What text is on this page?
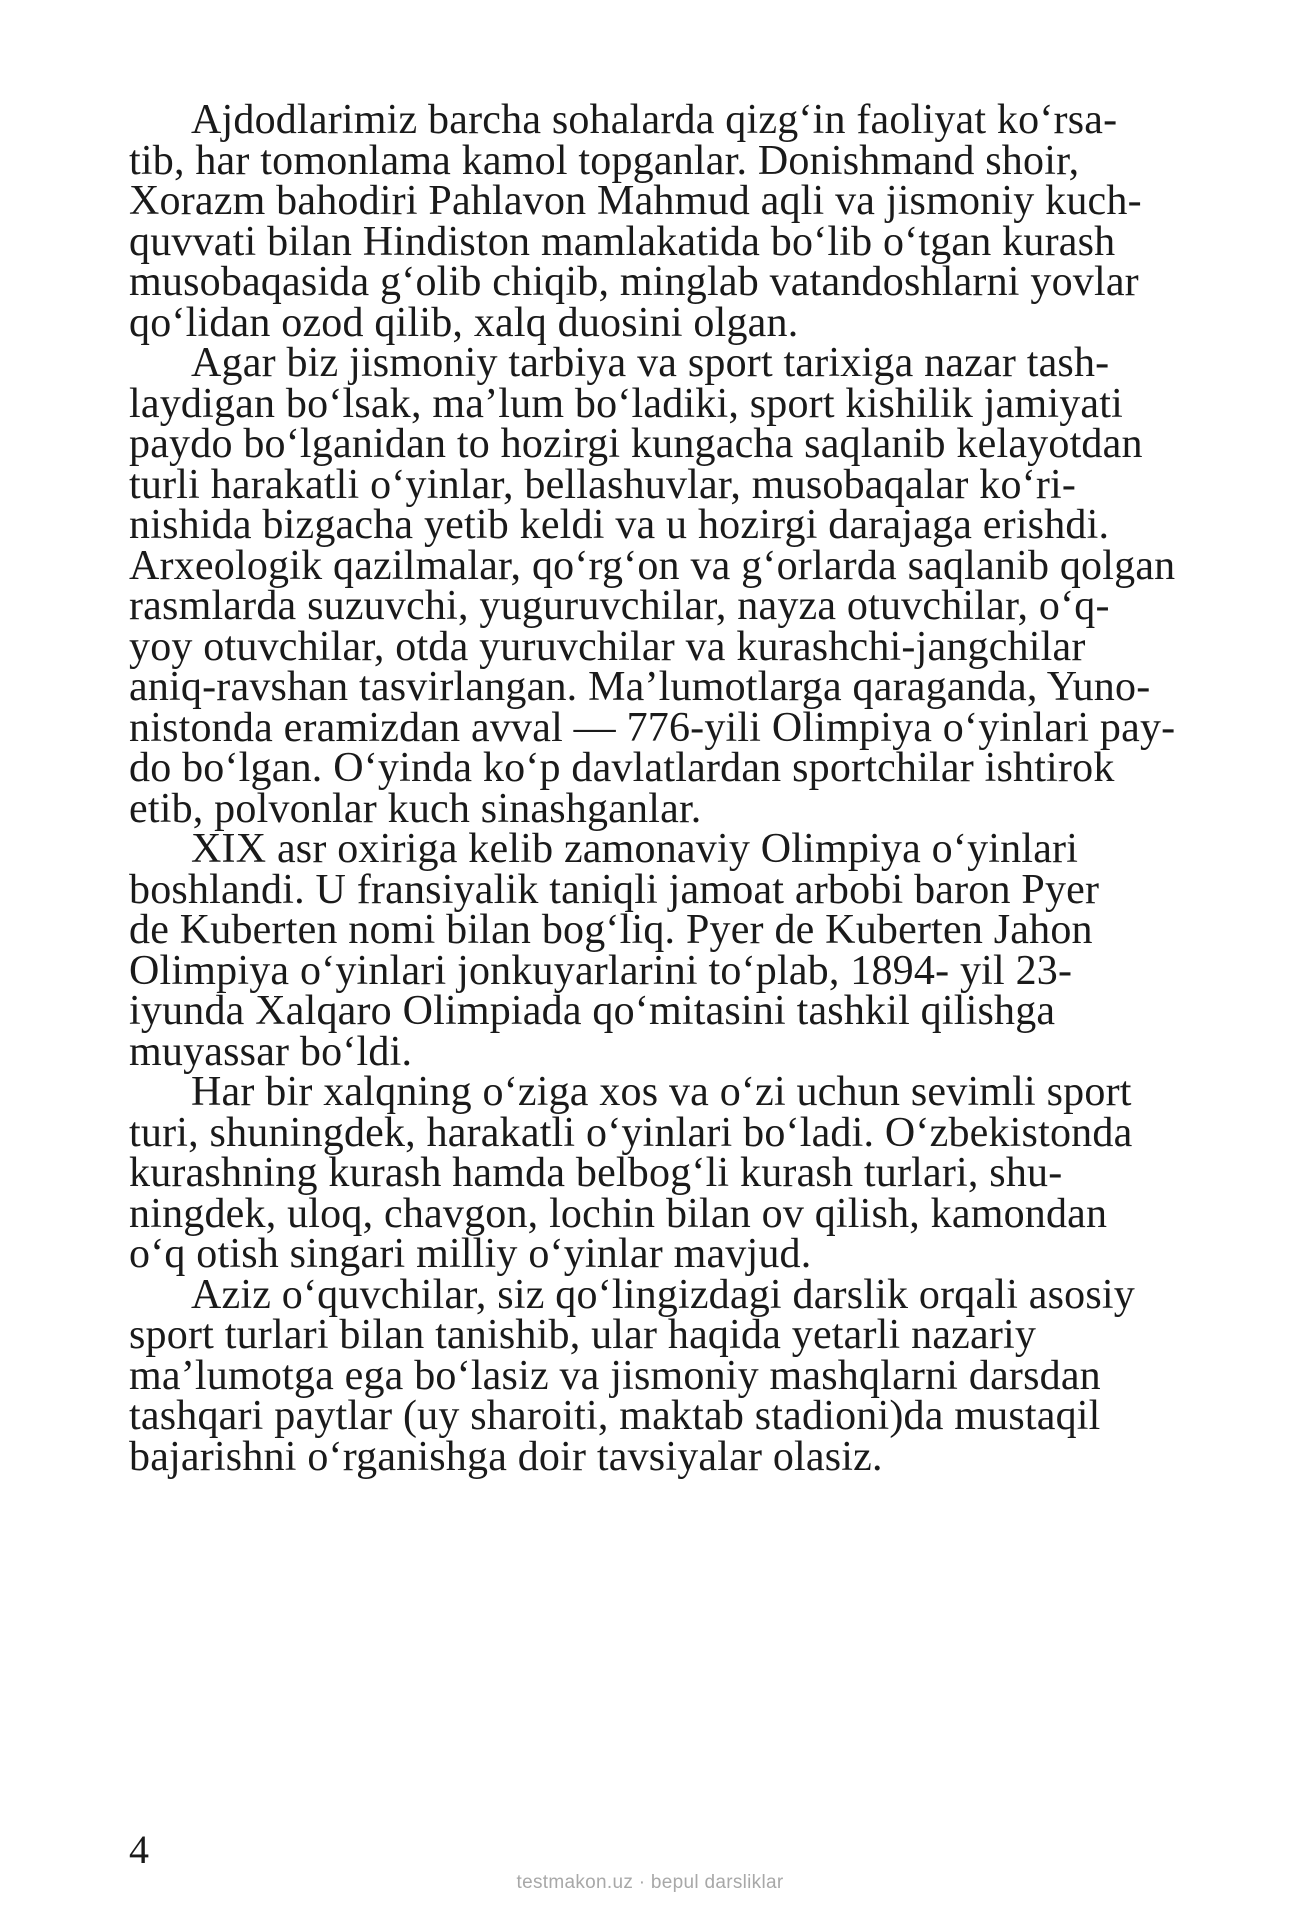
Ajdodlarimiz barcha sohalarda qizg‘in faoliyat ko‘rsa-
tib, har tomonlama kamol topganlar. Donishmand shoir,
Xorazm bahodiri Pahlavon Mahmud aqli va jismoniy kuch-
quvvati bilan Hindiston mamlakatida bo‘lib o‘tgan kurash
musobaqasida g‘olib chiqib, minglab vatandoshlarni yovlar
qo‘lidan ozod qilib, xalq duosini olgan.

Agar biz jismoniy tarbiya va sport tarixiga nazar tash-
laydigan bo‘lsak, ma’lum bo‘ladiki, sport kishilik jamiyati
paydo bo‘lganidan to hozirgi kungacha saqlanib kelayotdan
turli harakatli o‘yinlar, bellashuvlar, musobaqalar ko‘ri-
nishida bizgacha yetib keldi va u hozirgi darajaga erishdi.
Arxeologik qazilmalar, qo‘rg‘on va g‘orlarda saqlanib qolgan
rasmlarda suzuvchi, yuguruvchilar, nayza otuvchilar, o‘q-
yoy otuvchilar, otda yuruvchilar va kurashchi-jangchilar
aniq-ravshan tasvirlangan. Ma’lumotlarga qaraganda, Yuno-
nistonda eramizdan avval — 776-yili Olimpiya o‘yinlari pay-
do bo‘lgan. O‘yinda ko‘p davlatlardan sportchilar ishtirok
etib, polvonlar kuch sinashganlar.

XIX asr oxiriga kelib zamonaviy Olimpiya o‘yinlari
boshlandi. U fransiyalik taniqli jamoat arbobi baron Pyer
de Kuberten nomi bilan bog‘liq. Pyer de Kuberten Jahon
Olimpiya o‘yinlari jonkuyarlarini to‘plab, 1894- yil 23-
iyunda Xalqaro Olimpiada qo‘mitasini tashkil qilishga
muyassar bo‘ldi.

Har bir xalqning o‘ziga xos va o‘zi uchun sevimli sport
turi, shuningdek, harakatli o‘yinlari bo‘ladi. O‘zbekistonda
kurashning kurash hamda belbog‘li kurash turlari, shu-
ningdek, uloq, chavgon, lochin bilan ov qilish, kamondan
o‘q otish singari milliy o‘yinlar mavjud.

Aziz o‘quvchilar, siz qo‘lingizdagi darslik orqali asosiy
sport turlari bilan tanishib, ular haqida yetarli nazariy
ma’lumotga ega bo‘lasiz va jismoniy mashqlarni darsdan
tashqari paytlar (uy sharoiti, maktab stadioni)da mustaqil
bajarishni o‘rganishga doir tavsiyalar olasiz.

4
testmakon.uz · bepul darsliklar
